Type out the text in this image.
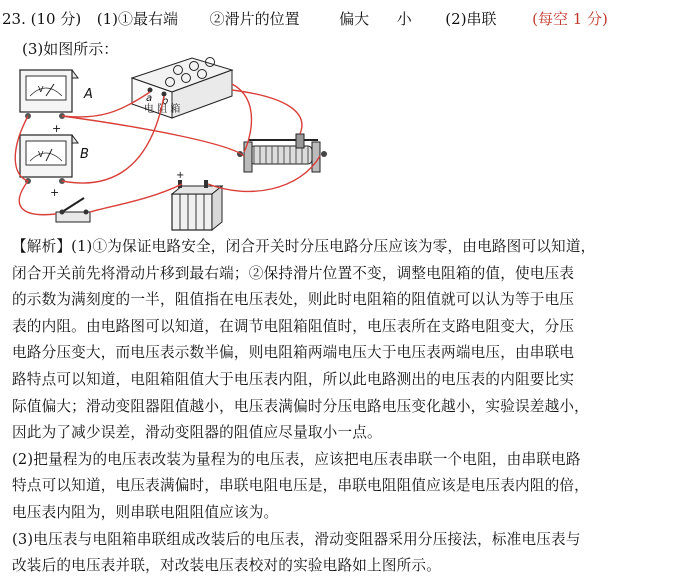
23. (10 分) (1)①最右端 ②滑片的位置	偏大 小 (2)串联 (每空 1 分)
(3)如图所示：
V	A
+
V	B
+
电 阻 箱
a b
+
【解析】(1)①为保证电路安全，闭合开关时分压电路分压应该为零，由电路图可以知道，
闭合开关前先将滑动片移到最右端；②保持滑片位置不变，调整电阻箱的值，使电压表
的示数为满刻度的一半，阻值指在电压表处，则此时电阻箱的阻值就可以认为等于电压
表的内阻。由电路图可以知道，在调节电阻箱阻值时，电压表所在支路电阻变大，分压
电路分压变大，而电压表示数半偏，则电阻箱两端电压大于电压表两端电压，由串联电
路特点可以知道，电阻箱阻值大于电压表内阻，所以此电路测出的电压表的内阻要比实
际值偏大；滑动变阻器阻值越小，电压表满偏时分压电路电压变化越小，实验误差越小，
因此为了减少误差，滑动变阻器的阻值应尽量取小一点。
(2)把量程为的电压表改装为量程为的电压表，应该把电压表串联一个电阻，由串联电路
特点可以知道，电压表满偏时，串联电阻电压是，串联电阻阻值应该是电压表内阻的倍，
电压表内阻为，则串联电阻阻值应该为。
(3)电压表与电阻箱串联组成改装后的电压表，滑动变阻器采用分压接法，标准电压表与
改装后的电压表并联，对改装电压表校对的实验电路如上图所示。
